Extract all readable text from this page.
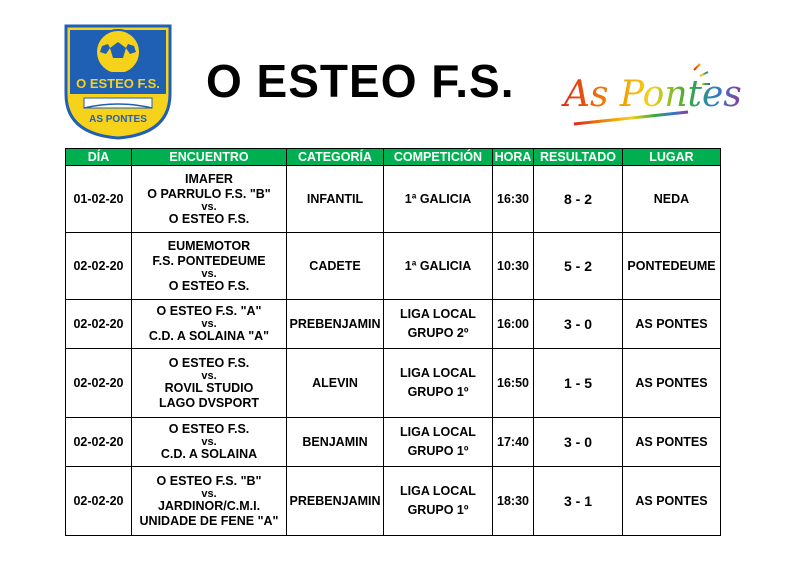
O ESTEO F.S.
AS PONTES
O ESTEO F.S. As Pontes
DÍA	ENCUENTRO	CATEGORÍA	COMPETICIÓN	HORA	RESULTADO	LUGAR
01-02-20	IMAFER
O PARRULO F.S. "B"
vs.
O ESTEO F.S.	INFANTIL	1ª GALICIA	16:30	8 - 2	NEDA
02-02-20	EUMEMOTOR
F.S. PONTEDEUME
vs.
O ESTEO F.S.	CADETE	1ª GALICIA	10:30	5 - 2	PONTEDEUME
02-02-20	O ESTEO F.S. "A"
vs.
C.D. A SOLAINA "A"	PREBENJAMIN	LIGA LOCAL
GRUPO 2º	16:00	3 - 0	AS PONTES
02-02-20	O ESTEO F.S.
vs.
ROVIL STUDIO
LAGO DVSPORT	ALEVIN	LIGA LOCAL
GRUPO 1º	16:50	1 - 5	AS PONTES
02-02-20	O ESTEO F.S.
vs.
C.D. A SOLAINA	BENJAMIN	LIGA LOCAL
GRUPO 1º	17:40	3 - 0	AS PONTES
02-02-20	O ESTEO F.S. "B"
vs.
JARDINOR/C.M.I.
UNIDADE DE FENE "A"	PREBENJAMIN	LIGA LOCAL
GRUPO 1º	18:30	3 - 1	AS PONTES
